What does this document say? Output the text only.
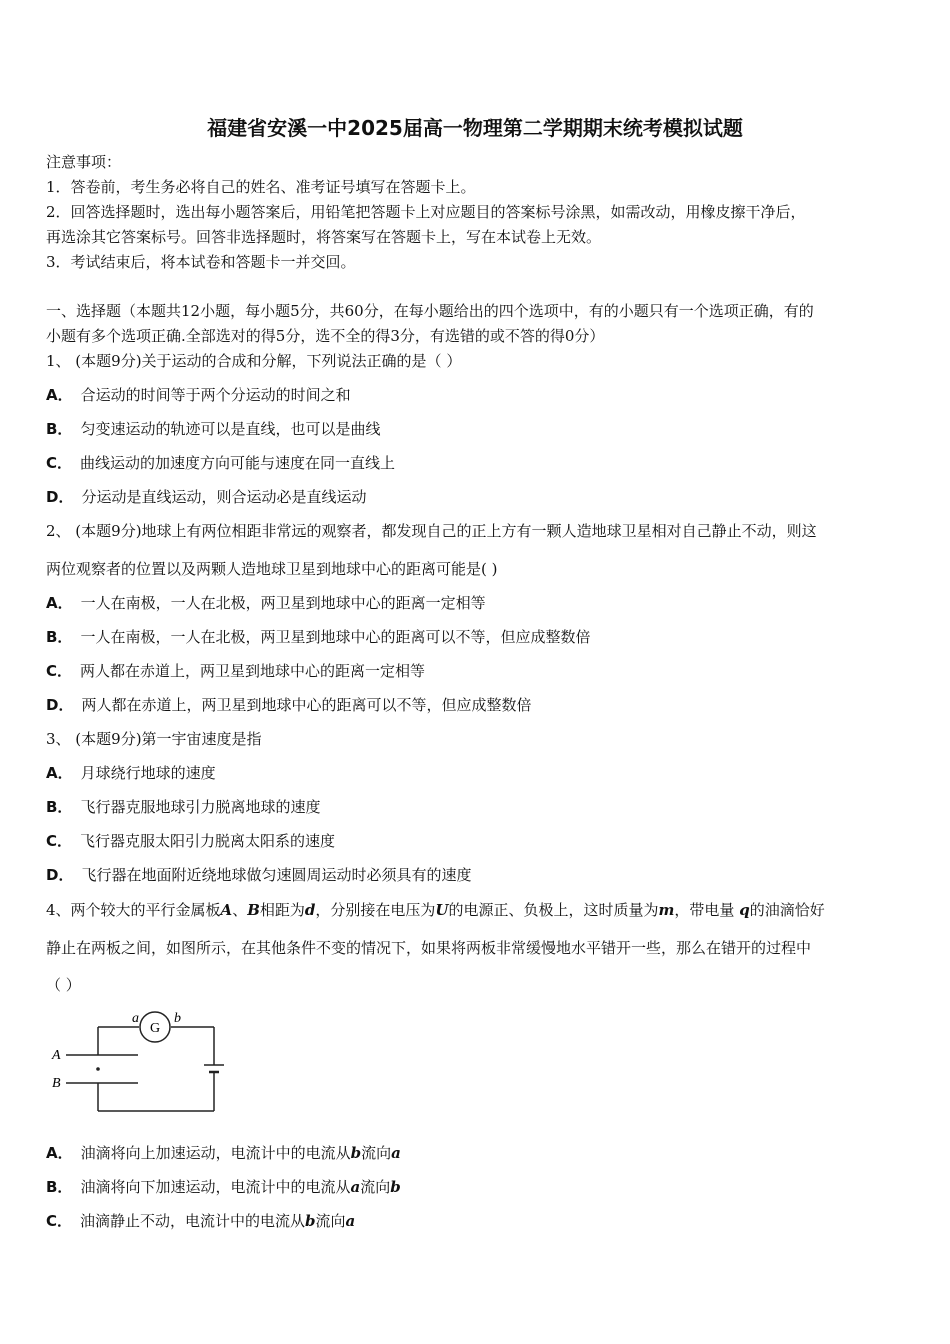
福建省安溪一中2025届高一物理第二学期期末统考模拟试题
注意事项：
1．答卷前，考生务必将自己的姓名、准考证号填写在答题卡上。
2．回答选择题时，选出每小题答案后，用铅笔把答题卡上对应题目的答案标号涂黑，如需改动，用橡皮擦干净后，
再选涂其它答案标号。回答非选择题时，将答案写在答题卡上，写在本试卷上无效。
3．考试结束后，将本试卷和答题卡一并交回。
一、选择题（本题共12小题，每小题5分，共60分，在每小题给出的四个选项中，有的小题只有一个选项正确，有的
小题有多个选项正确.全部选对的得5分，选不全的得3分，有选错的或不答的得0分）
1、 (本题9分)关于运动的合成和分解，下列说法正确的是（ ）
A． 合运动的时间等于两个分运动的时间之和
B． 匀变速运动的轨迹可以是直线，也可以是曲线
C． 曲线运动的加速度方向可能与速度在同一直线上
D． 分运动是直线运动，则合运动必是直线运动
2、 (本题9分)地球上有两位相距非常远的观察者，都发现自己的正上方有一颗人造地球卫星相对自己静止不动，则这
两位观察者的位置以及两颗人造地球卫星到地球中心的距离可能是( )
A． 一人在南极，一人在北极，两卫星到地球中心的距离一定相等
B． 一人在南极，一人在北极，两卫星到地球中心的距离可以不等，但应成整数倍
C． 两人都在赤道上，两卫星到地球中心的距离一定相等
D． 两人都在赤道上，两卫星到地球中心的距离可以不等，但应成整数倍
3、 (本题9分)第一宇宙速度是指
A． 月球绕行地球的速度
B． 飞行器克服地球引力脱离地球的速度
C． 飞行器克服太阳引力脱离太阳系的速度
D． 飞行器在地面附近绕地球做匀速圆周运动时必须具有的速度
4、两个较大的平行金属板A、B相距为d，分别接在电压为U的电源正、负极上，这时质量为m，带电量 q的油滴恰好
静止在两板之间，如图所示，在其他条件不变的情况下，如果将两板非常缓慢地水平错开一些，那么在错开的过程中
（ ）
G
a	b
A
B
A． 油滴将向上加速运动，电流计中的电流从b流向a
B． 油滴将向下加速运动，电流计中的电流从a流向b
C． 油滴静止不动，电流计中的电流从b流向a
